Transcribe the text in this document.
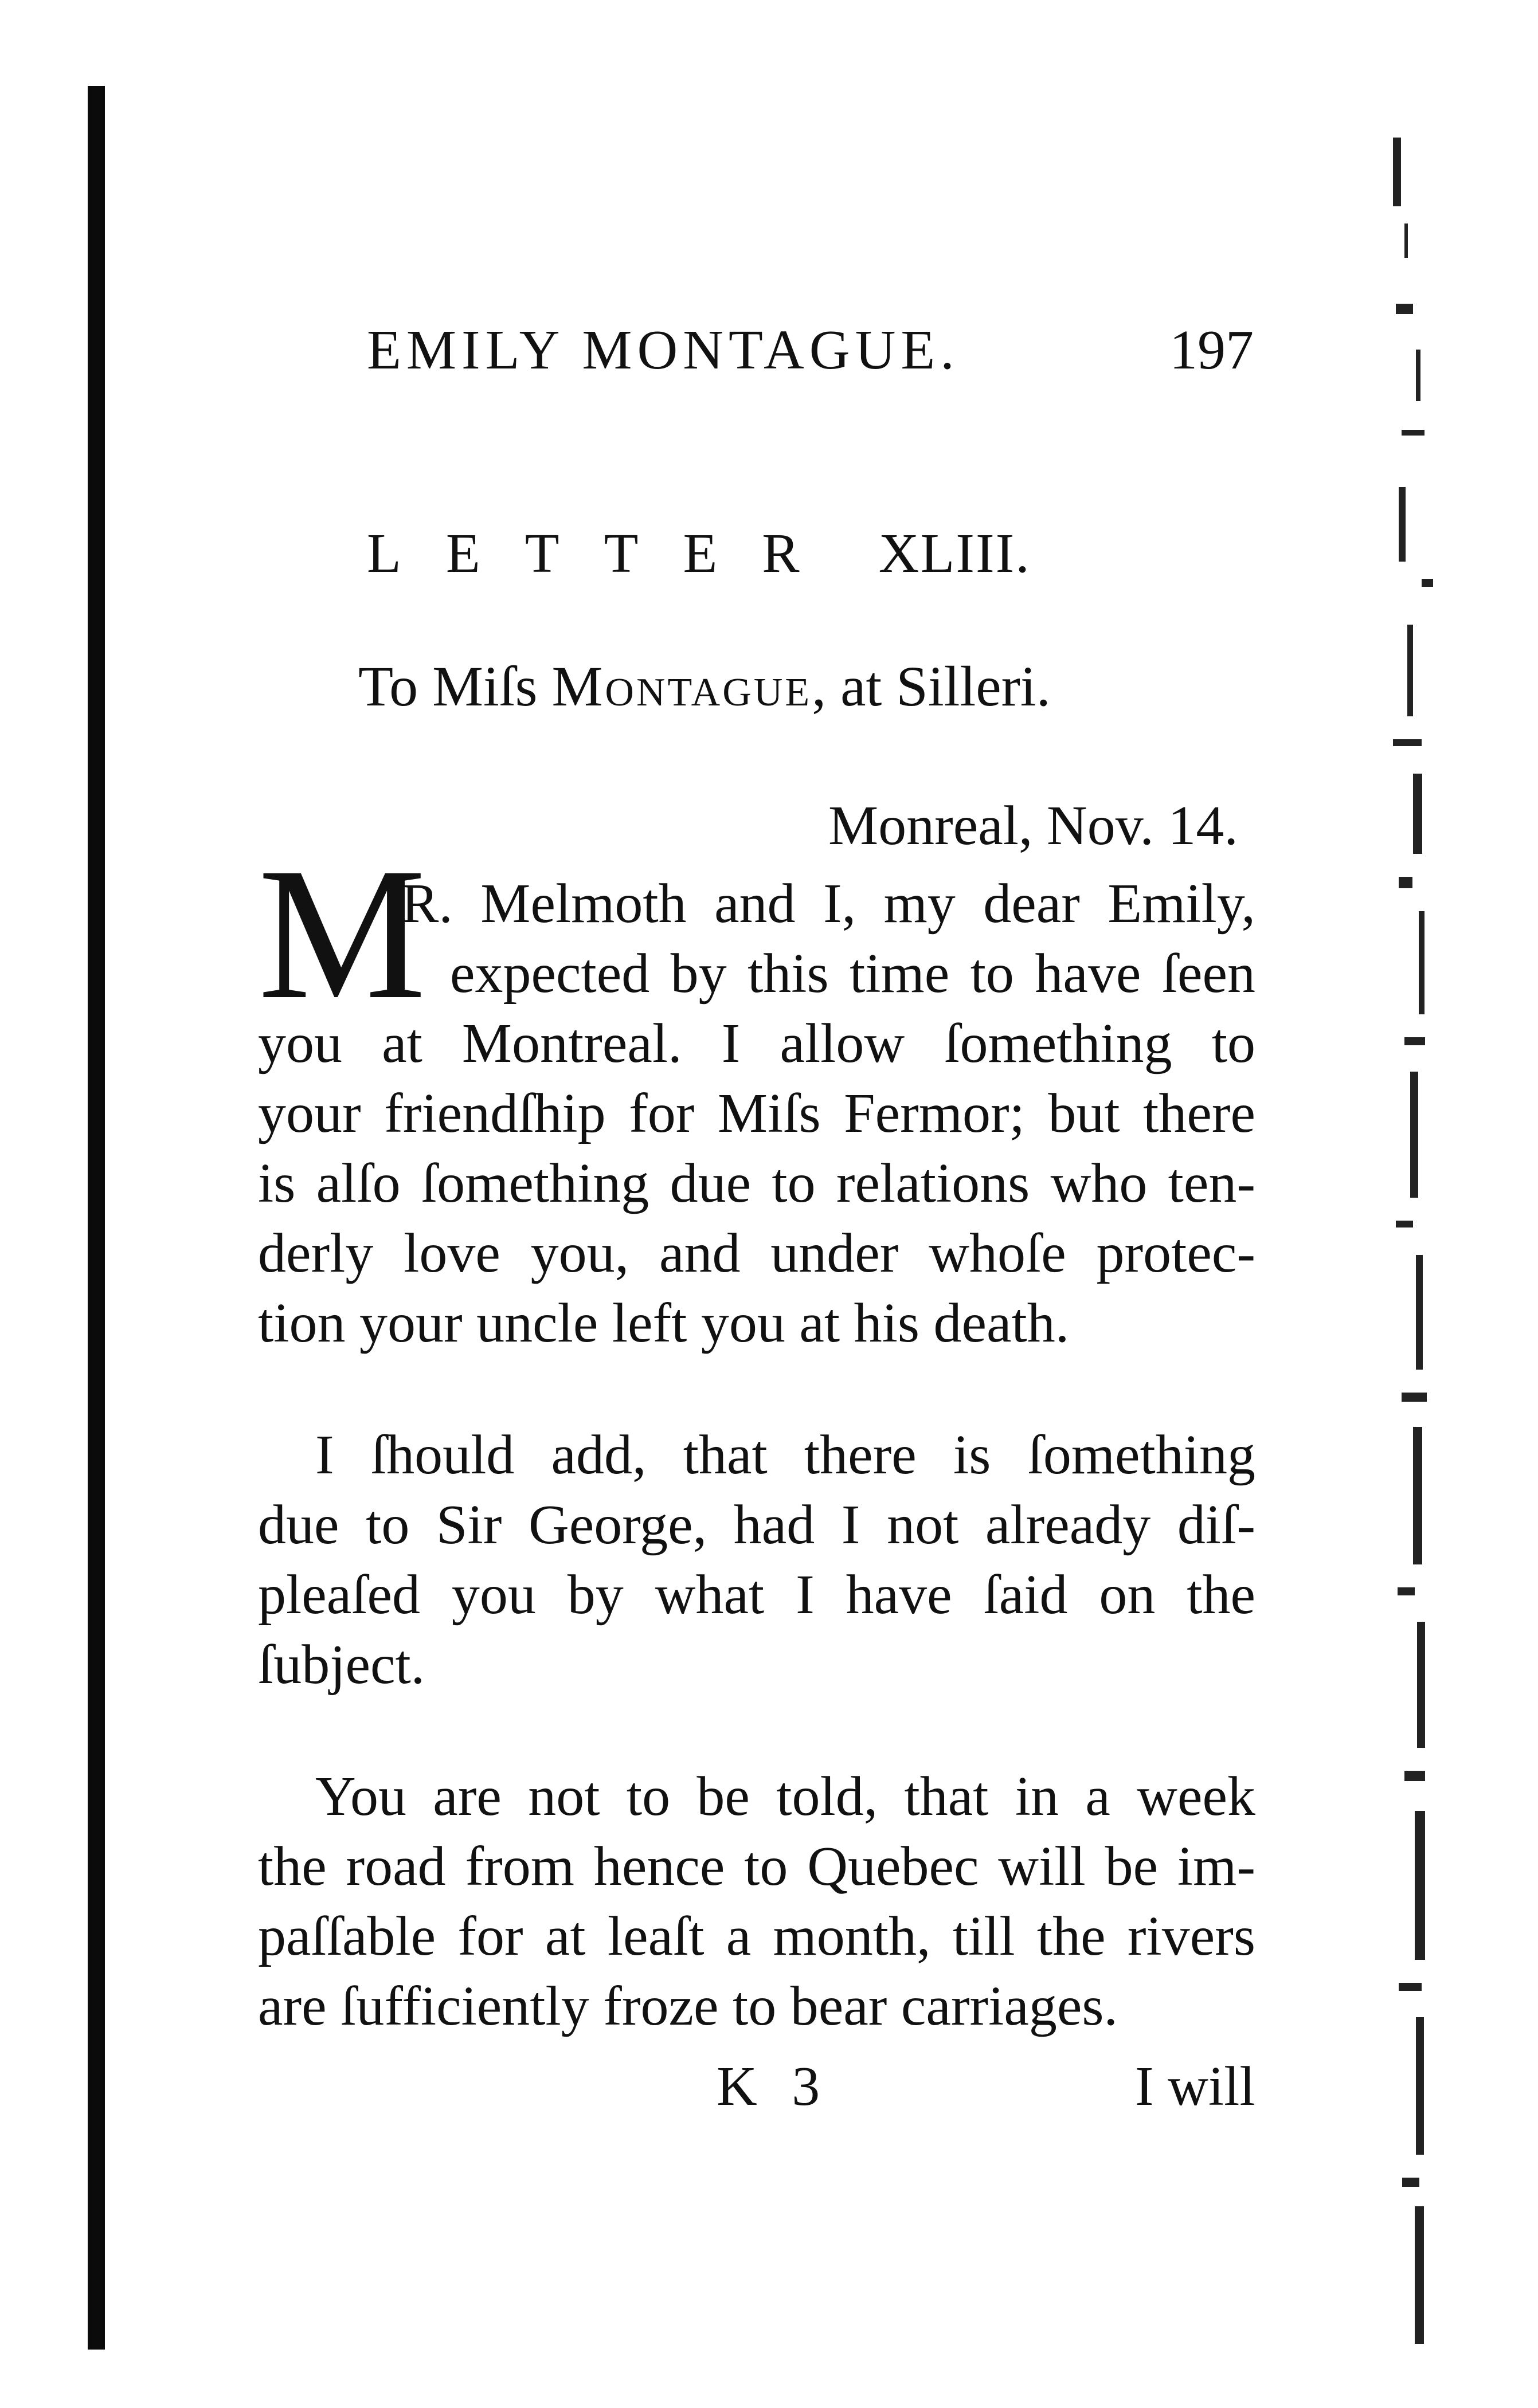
EMILY MONTAGUE.	197
LETTER XLIII.
To Miſs Montague, at Silleri.
Monreal, Nov. 14.
M
R. Melmoth and I, my dear Emily,
expected by this time to have ſeen
you at Montreal. I allow ſomething to
your friendſhip for Miſs Fermor; but there
is alſo ſomething due to relations who ten-
derly love you, and under whoſe protec-
tion your uncle left you at his death.
I ſhould add, that there is ſomething
due to Sir George, had I not already diſ-
pleaſed you by what I have ſaid on the
ſubject.
You are not to be told, that in a week
the road from hence to Quebec will be im-
paſſable for at leaſt a month, till the rivers
are ſufficiently froze to bear carriages.
K 3	I will
